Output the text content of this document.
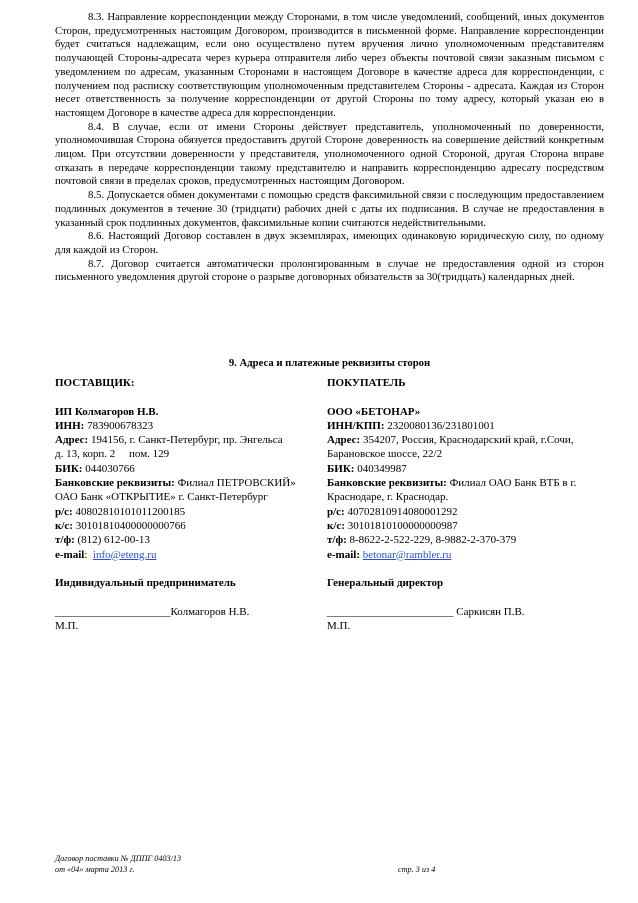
8.3. Направление корреспонденции между Сторонами, в том числе уведомлений, сообщений, иных документов Сторон, предусмотренных настоящим Договором, производится в письменной форме. Направление корреспонденции будет считаться надлежащим, если оно осуществлено путем вручения лично уполномоченным представителям получающей Стороны-адресата через курьера отправителя либо через объекты почтовой связи заказным письмом с уведомлением по адресам, указанным Сторонами в настоящем Договоре в качестве адреса для корреспонденции, с получением под расписку соответствующим уполномоченным представителем Стороны - адресата. Каждая из Сторон несет ответственность за получение корреспонденции от другой Стороны по тому адресу, который указан ею в настоящем Договоре в качестве адреса для корреспонденции.

8.4. В случае, если от имени Стороны действует представитель, уполномоченный по доверенности, уполномочившая Сторона обязуется предоставить другой Стороне доверенность на совершение действий конкретным лицом. При отсутствии доверенности у представителя, уполномоченного одной Стороной, другая Сторона вправе отказать в передаче корреспонденции такому представителю и направить корреспонденцию адресату посредством почтовой связи в пределах сроков, предусмотренных настоящим Договором.

8.5. Допускается обмен документами с помощью средств факсимильной связи с последующим предоставлением подлинных документов в течение 30 (тридцати) рабочих дней с даты их подписания. В случае не предоставления в указанный срок подлинных документов, факсимильные копии считаются недействительными.

8.6. Настоящий Договор составлен в двух экземплярах, имеющих одинаковую юридическую силу, по одному для каждой из Сторон.

8.7. Договор считается автоматически пролонгированным в случае не предоставления одной из сторон письменного уведомления другой стороне о разрыве договорных обязательств за 30(тридцать) календарных дней.

9. Адреса и платежные реквизиты сторон
ПОСТАВЩИК:
ИП Колмагоров Н.В.
ИНН: 783900678323
Адрес: 194156, г. Санкт-Петербург, пр. Энгельса
д. 13, корп. 2     пом. 129
БИК: 044030766
Банковские реквизиты: Филиал ПЕТРОВСКИЙ»
ОАО Банк «ОТКРЫТИЕ» г. Санкт-Петербург
р/с: 40802810101011200185
к/с: 30101810400000000766
т/ф: (812) 612-00-13
e-mail:  info@eteng.ru
Индивидуальный предприниматель
_____________________Колмагоров Н.В.
М.П.
ПОКУПАТЕЛЬ
ООО «БЕТОНАР»
ИНН/КПП: 2320080136/231801001
Адрес: 354207, Россия, Краснодарский край, г.Сочи,
Барановское шоссе, 22/2
БИК: 040349987
Банковские реквизиты: Филиал ОАО Банк ВТБ в г.
Краснодаре, г. Краснодар.
р/с: 40702810914080001292
к/с: 30101810100000000987
т/ф: 8-8622-2-522-229, 8-9882-2-370-379
e-mail: betonar@rambler.ru
Генеральный директор
_______________________ Саркисян П.В.
М.П.
Договор поставки № ДППГ 0403/13
от «04» марта 2013 г.	стр. 3 из 4
